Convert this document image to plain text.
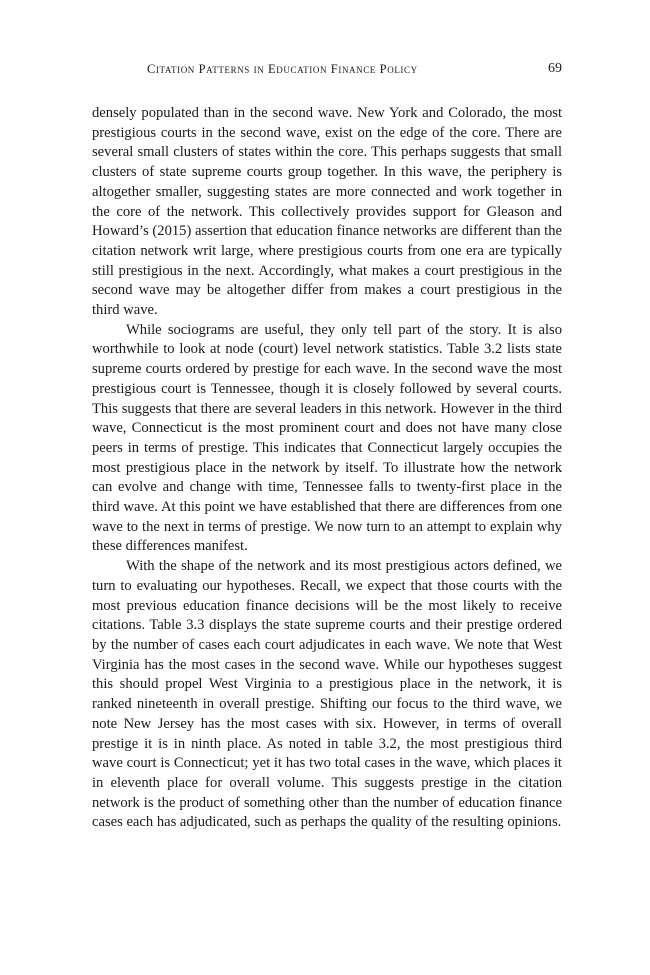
Citation Patterns in Education Finance Policy	69

densely populated than in the second wave. New York and Colorado, the most prestigious courts in the second wave, exist on the edge of the core. There are several small clusters of states within the core. This perhaps suggests that small clusters of state supreme courts group together. In this wave, the periphery is altogether smaller, suggesting states are more connected and work together in the core of the network. This collectively provides support for Gleason and Howard’s (2015) assertion that education finance networks are different than the citation network writ large, where prestigious courts from one era are typically still prestigious in the next. Accordingly, what makes a court prestigious in the second wave may be altogether differ from makes a court prestigious in the third wave.

While sociograms are useful, they only tell part of the story. It is also worthwhile to look at node (court) level network statistics. Table 3.2 lists state supreme courts ordered by prestige for each wave. In the second wave the most prestigious court is Tennessee, though it is closely followed by several courts. This suggests that there are several leaders in this network. However in the third wave, Connecticut is the most prominent court and does not have many close peers in terms of prestige. This indicates that Connecticut largely occupies the most prestigious place in the network by itself. To illustrate how the network can evolve and change with time, Tennessee falls to twenty-first place in the third wave. At this point we have established that there are differences from one wave to the next in terms of prestige. We now turn to an attempt to explain why these differences manifest.

With the shape of the network and its most prestigious actors defined, we turn to evaluating our hypotheses. Recall, we expect that those courts with the most previous education finance decisions will be the most likely to receive citations. Table 3.3 displays the state supreme courts and their prestige ordered by the number of cases each court adjudicates in each wave. We note that West Virginia has the most cases in the second wave. While our hypotheses suggest this should propel West Virginia to a prestigious place in the network, it is ranked nineteenth in overall prestige. Shifting our focus to the third wave, we note New Jersey has the most cases with six. However, in terms of overall prestige it is in ninth place. As noted in table 3.2, the most prestigious third wave court is Connecticut; yet it has two total cases in the wave, which places it in eleventh place for overall volume. This suggests prestige in the citation network is the product of something other than the number of education finance cases each has adjudicated, such as perhaps the quality of the resulting opinions.
